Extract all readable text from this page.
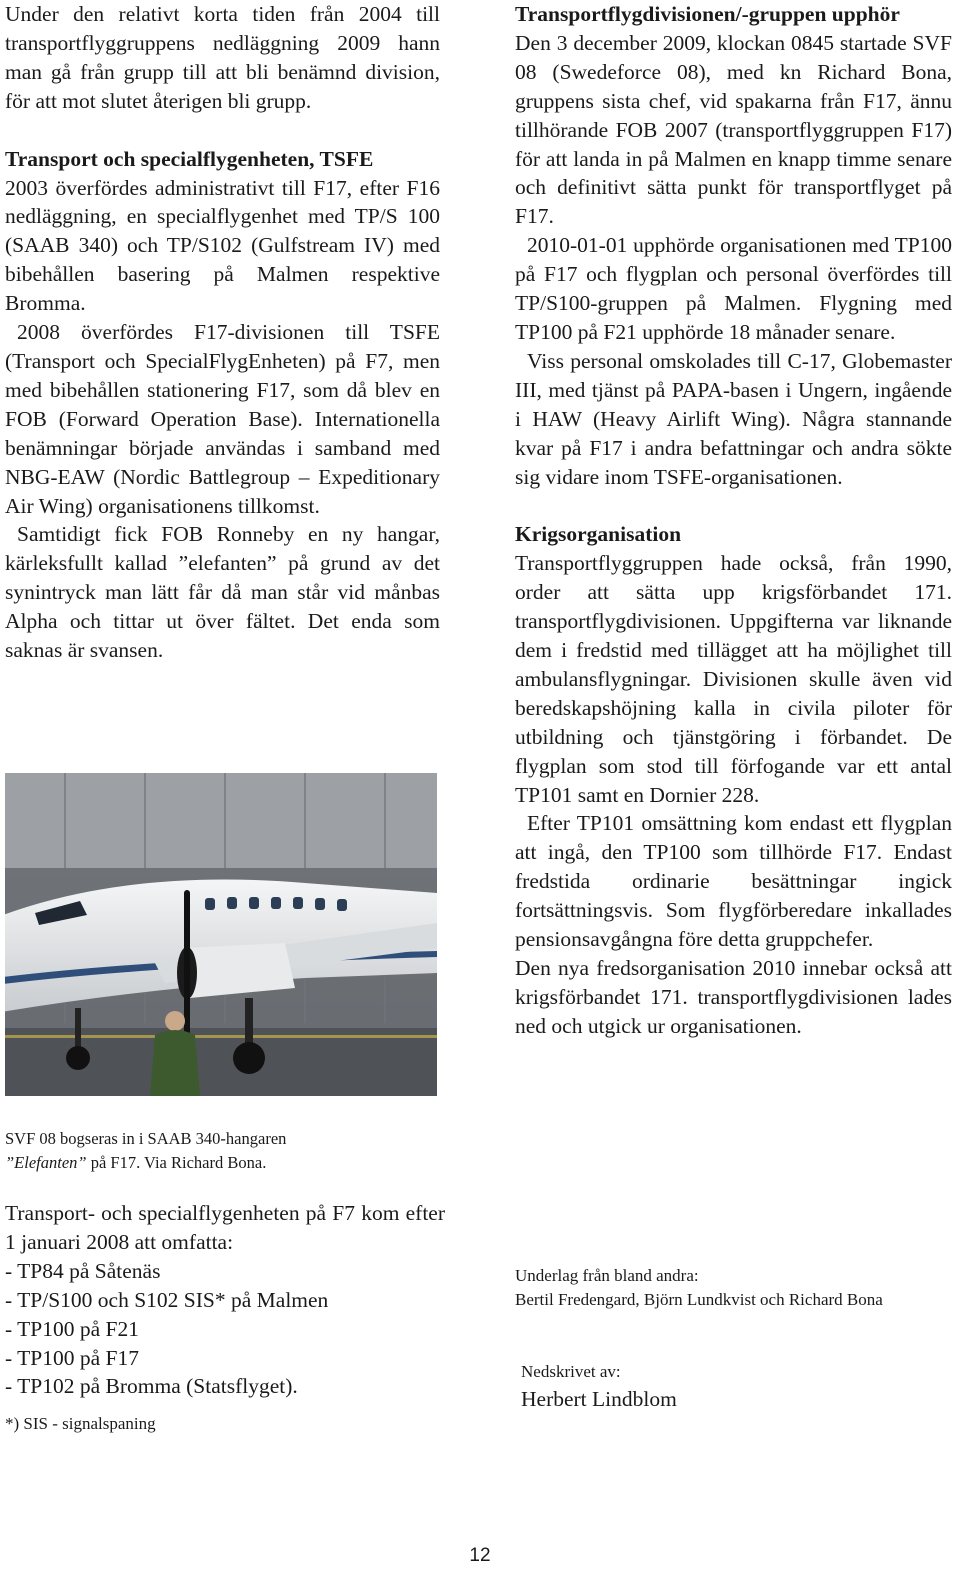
Under den relativt korta tiden från 2004 till transportflyggruppens nedläggning 2009 hann man gå från grupp till att bli benämnd division, för att mot slutet återigen bli grupp.

Transport och specialflygenheten, TSFE
2003 överfördes administrativt till F17, efter F16 nedläggning, en specialflygenhet med TP/S 100 (SAAB 340) och TP/S102 (Gulfstream IV) med bibehållen basering på Malmen respektive Bromma.

2008 överfördes F17-divisionen till TSFE (Transport och SpecialFlygEnheten) på F7, men med bibehållen stationering F17, som då blev en FOB (Forward Operation Base). Internationella benämningar började användas i samband med NBG-EAW (Nordic Battlegroup – Expeditionary Air Wing) organisationens tillkomst.

Samtidigt fick FOB Ronneby en ny hangar, kärleksfullt kallad ”elefanten” på grund av det synintryck man lätt får då man står vid månbas Alpha och tittar ut över fältet. Det enda som saknas är svansen.

SVF 08 bogseras in i SAAB 340-hangaren
”Elefanten” på F17. Via Richard Bona.

Transport- och specialflygenheten på F7 kom efter 1 januari 2008 att omfatta:

- TP84 på Såtenäs
- TP/S100 och S102 SIS* på Malmen
- TP100 på F21
- TP100 på F17
- TP102 på Bromma (Statsflyget).
*) SIS - signalspaning
Transportflygdivisionen/-gruppen upphör

Den 3 december 2009, klockan 0845 startade SVF 08 (Swedeforce 08), med kn Richard Bona, gruppens sista chef, vid spakarna från F17, ännu tillhörande FOB 2007 (transportflyggruppen F17) för att landa in på Malmen en knapp timme senare och definitivt sätta punkt för transportflyget på F17.

2010-01-01 upphörde organisationen med TP100 på F17 och flygplan och personal överfördes till TP/S100-gruppen på Malmen. Flygning med TP100 på F21 upphörde 18 månader senare.

Viss personal omskolades till C-17, Globemaster III, med tjänst på PAPA-basen i Ungern, ingående i HAW (Heavy Airlift Wing). Några stannande kvar på F17 i andra befattningar och andra sökte sig vidare inom TSFE-organisationen.

Krigsorganisation

Transportflyggruppen hade också, från 1990, order att sätta upp krigsförbandet 171. transportflygdivisionen. Uppgifterna var liknande dem i fredstid med tillägget att ha möjlighet till ambulansflygningar. Divisionen skulle även vid beredskapshöjning kalla in civila piloter för utbildning och tjänstgöring i förbandet. De flygplan som stod till förfogande var ett antal TP101 samt en Dornier 228.

Efter TP101 omsättning kom endast ett flygplan att ingå, den TP100 som tillhörde F17. Endast fredstida ordinarie besättningar ingick fortsättningsvis. Som flygförberedare inkallades pensionsavgångna före detta gruppchefer.

Den nya fredsorganisation 2010 innebar också att krigsförbandet 171. transportflygdivisionen lades ned och utgick ur organisationen.

Underlag från bland andra:
Bertil Fredengard, Björn Lundkvist och Richard Bona
Nedskrivet av:
Herbert Lindblom
12
